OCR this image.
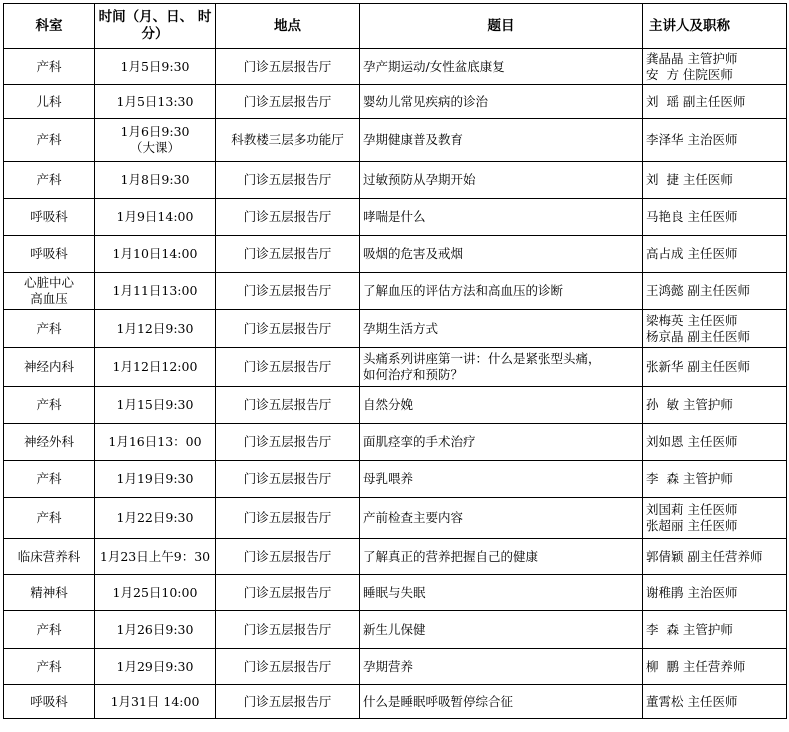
科室	时间（月、日、 时分）	地点	题目	主讲人及职称

产科	1月5日9:30	门诊五层报告厅	孕产期运动/女性盆底康复	龚晶晶 主管护师
安  方 住院医师

儿科	1月5日13:30	门诊五层报告厅	婴幼儿常见疾病的诊治	刘  瑶 副主任医师

产科	1月6日9:30
（大课）	科教楼三层多功能厅	孕期健康普及教育	李泽华 主治医师

产科	1月8日9:30	门诊五层报告厅	过敏预防从孕期开始	刘  捷 主任医师

呼吸科	1月9日14:00	门诊五层报告厅	哮喘是什么	马艳良 主任医师

呼吸科	1月10日14:00	门诊五层报告厅	吸烟的危害及戒烟	高占成 主任医师

心脏中心
高血压	1月11日13:00	门诊五层报告厅	了解血压的评估方法和高血压的诊断	王鸿懿 副主任医师

产科	1月12日9:30	门诊五层报告厅	孕期生活方式	梁梅英 主任医师
杨京晶 副主任医师

神经内科	1月12日12:00	门诊五层报告厅	头痛系列讲座第一讲：什么是紧张型头痛，
如何治疗和预防？	张新华 副主任医师

产科	1月15日9:30	门诊五层报告厅	自然分娩	孙  敏 主管护师

神经外科	1月16日13：00	门诊五层报告厅	面肌痉挛的手术治疗	刘如恩 主任医师

产科	1月19日9:30	门诊五层报告厅	母乳喂养	李  森 主管护师

产科	1月22日9:30	门诊五层报告厅	产前检查主要内容	刘国莉 主任医师
张超丽 主任医师

临床营养科	1月23日上午9：30	门诊五层报告厅	了解真正的营养把握自己的健康	郭倩颖 副主任营养师

精神科	1月25日10:00	门诊五层报告厅	睡眠与失眠	谢稚鹃 主治医师

产科	1月26日9:30	门诊五层报告厅	新生儿保健	李  森 主管护师

产科	1月29日9:30	门诊五层报告厅	孕期营养	柳  鹏 主任营养师

呼吸科	1月31日 14:00	门诊五层报告厅	什么是睡眠呼吸暂停综合征	董霄松 主任医师
